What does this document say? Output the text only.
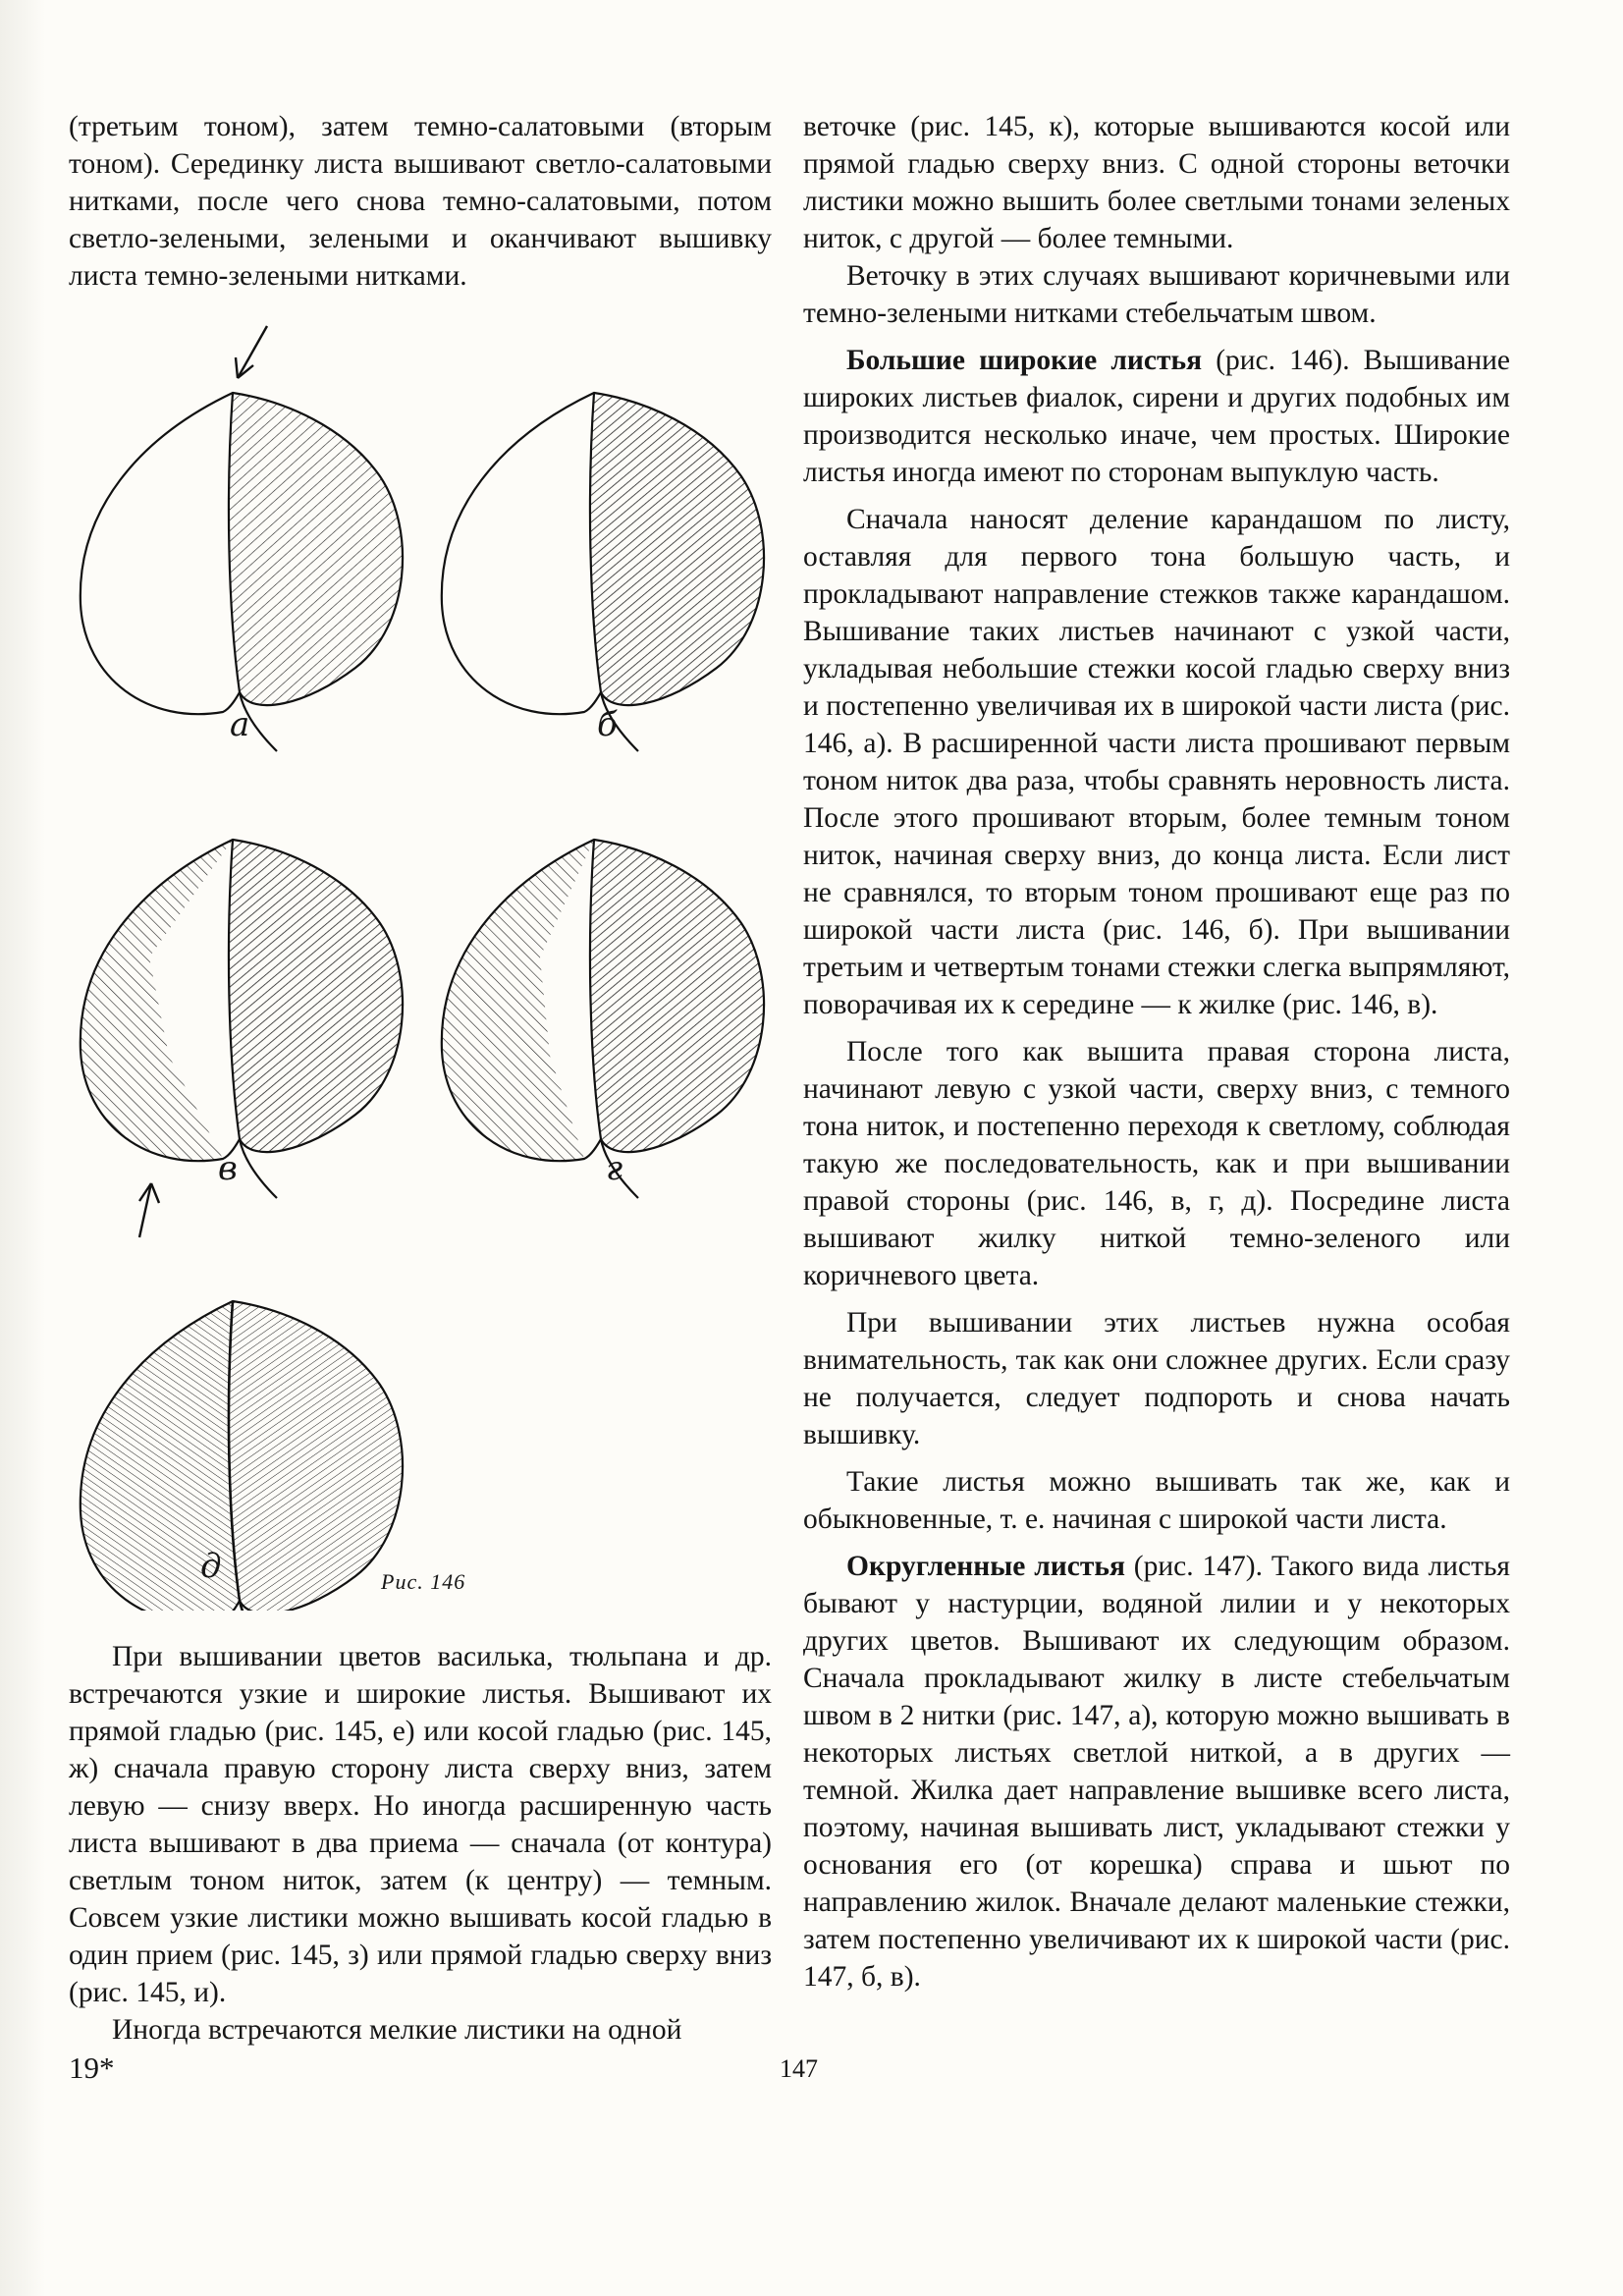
(третьим тоном), затем темно-салатовыми (вторым тоном). Серединку листа вышивают светло-салатовыми нитками, после чего снова темно-салатовыми, потом светло-зелеными, зелеными и оканчивают вышивку листа темно-зелеными нитками.

а	б
в	г
д	Рис. 146

При вышивании цветов василька, тюльпана и др. встречаются узкие и широкие листья. Вышивают их прямой гладью (рис. 145, е) или косой гладью (рис. 145, ж) сначала правую сторону листа сверху вниз, затем левую — снизу вверх. Но иногда расширенную часть листа вышивают в два приема — сначала (от контура) светлым тоном ниток, затем (к центру) — темным. Совсем узкие листики можно вышивать косой гладью в один прием (рис. 145, з) или прямой гладью сверху вниз (рис. 145, и).

Иногда встречаются мелкие листики на одной

веточке (рис. 145, к), которые вышиваются косой или прямой гладью сверху вниз. С одной стороны веточки листики можно вышить более светлыми тонами зеленых ниток, с другой — более темными.

Веточку в этих случаях вышивают коричневыми или темно-зелеными нитками стебельчатым швом.

Большие широкие листья (рис. 146). Вышивание широких листьев фиалок, сирени и других подобных им производится несколько иначе, чем простых. Широкие листья иногда имеют по сторонам выпуклую часть.

Сначала наносят деление карандашом по листу, оставляя для первого тона большую часть, и прокладывают направление стежков также карандашом. Вышивание таких листьев начинают с узкой части, укладывая небольшие стежки косой гладью сверху вниз и постепенно увеличивая их в широкой части листа (рис. 146, а). В расширенной части листа прошивают первым тоном ниток два раза, чтобы сравнять неровность листа. После этого прошивают вторым, более темным тоном ниток, начиная сверху вниз, до конца листа. Если лист не сравнялся, то вторым тоном прошивают еще раз по широкой части листа (рис. 146, б). При вышивании третьим и четвертым тонами стежки слегка выпрямляют, поворачивая их к середине — к жилке (рис. 146, в).

После того как вышита правая сторона листа, начинают левую с узкой части, сверху вниз, с темного тона ниток, и постепенно переходя к светлому, соблюдая такую же последовательность, как и при вышивании правой стороны (рис. 146, в, г, д). Посредине листа вышивают жилку ниткой темно-зеленого или коричневого цвета.

При вышивании этих листьев нужна особая внимательность, так как они сложнее других. Если сразу не получается, следует подпороть и снова начать вышивку.

Такие листья можно вышивать так же, как и обыкновенные, т. е. начиная с широкой части листа.

Округленные листья (рис. 147). Такого вида листья бывают у настурции, водяной лилии и у некоторых других цветов. Вышивают их следующим образом. Сначала прокладывают жилку в листе стебельчатым швом в 2 нитки (рис. 147, а), которую можно вышивать в некоторых листьях светлой ниткой, а в других — темной. Жилка дает направление вышивке всего листа, поэтому, начиная вышивать лист, укладывают стежки у основания его (от корешка) справа и шьют по направлению жилок. Вначале делают маленькие стежки, затем постепенно увеличивают их к широкой части (рис. 147, б, в).

19*	147
